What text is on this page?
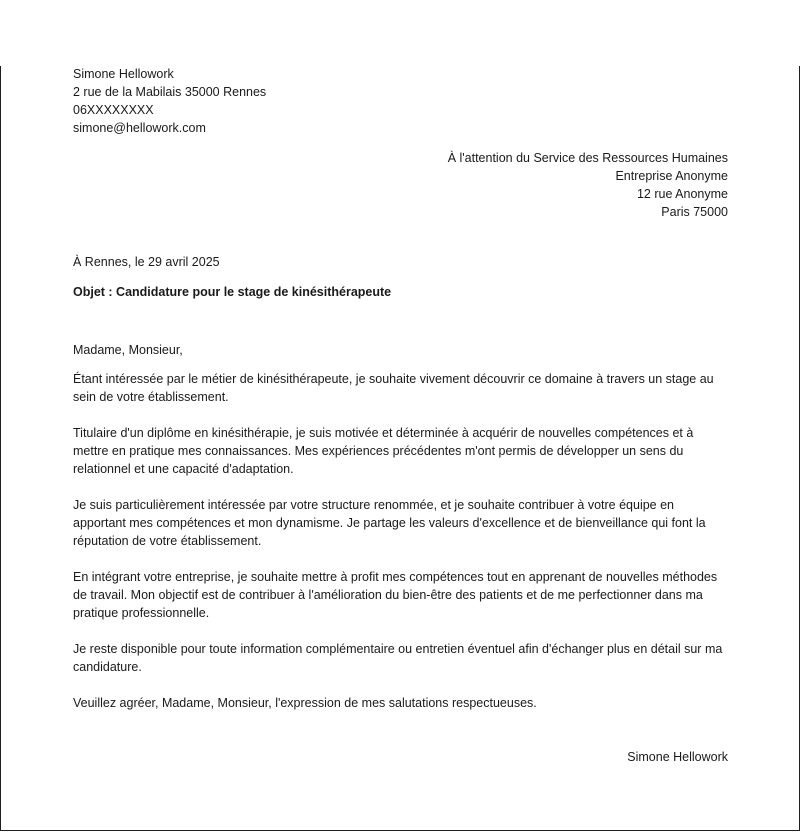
Simone Hellowork
2 rue de la Mabilais 35000 Rennes
06XXXXXXXX
simone@hellowork.com
À l'attention du Service des Ressources Humaines
Entreprise Anonyme
12 rue Anonyme
Paris 75000
À Rennes, le 29 avril 2025
Objet : Candidature pour le stage de kinésithérapeute
Madame, Monsieur,
Étant intéressée par le métier de kinésithérapeute, je souhaite vivement découvrir ce domaine à travers un stage au sein de votre établissement.
Titulaire d'un diplôme en kinésithérapie, je suis motivée et déterminée à acquérir de nouvelles compétences et à mettre en pratique mes connaissances. Mes expériences précédentes m'ont permis de développer un sens du relationnel et une capacité d'adaptation.
Je suis particulièrement intéressée par votre structure renommée, et je souhaite contribuer à votre équipe en apportant mes compétences et mon dynamisme. Je partage les valeurs d'excellence et de bienveillance qui font la réputation de votre établissement.
En intégrant votre entreprise, je souhaite mettre à profit mes compétences tout en apprenant de nouvelles méthodes de travail. Mon objectif est de contribuer à l'amélioration du bien-être des patients et de me perfectionner dans ma pratique professionnelle.
Je reste disponible pour toute information complémentaire ou entretien éventuel afin d'échanger plus en détail sur ma candidature.
Veuillez agréer, Madame, Monsieur, l'expression de mes salutations respectueuses.
Simone Hellowork
